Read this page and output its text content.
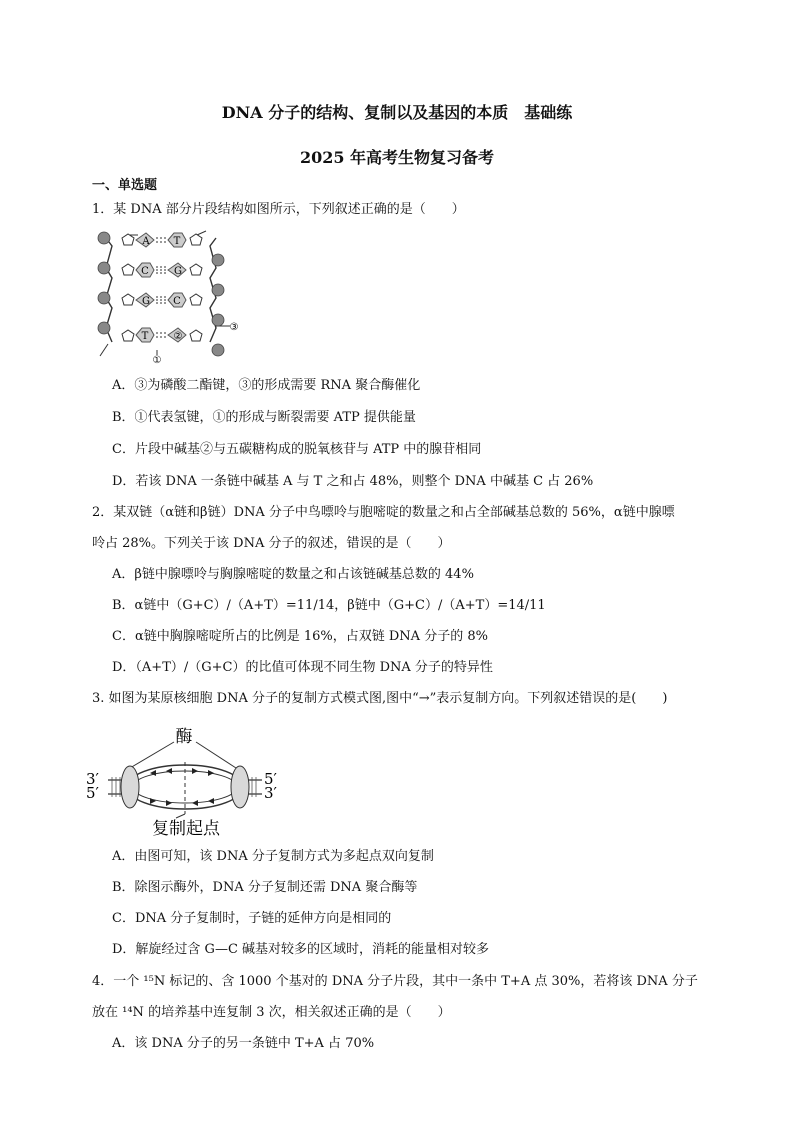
DNA 分子的结构、复制以及基因的本质　基础练
2025 年高考生物复习备考
一、单选题
1．某 DNA 部分片段结构如图所示，下列叙述正确的是（　　）
A T
C	G
G C
T	②
①
③
A．③为磷酸二酯键，③的形成需要 RNA 聚合酶催化
B．①代表氢键，①的形成与断裂需要 ATP 提供能量
C．片段中碱基②与五碳糖构成的脱氧核苷与 ATP 中的腺苷相同
D．若该 DNA 一条链中碱基 A 与 T 之和占 48%，则整个 DNA 中碱基 C 占 26%
2．某双链（α链和β链）DNA 分子中鸟嘌呤与胞嘧啶的数量之和占全部碱基总数的 56%，α链中腺嘌
呤占 28%。下列关于该 DNA 分子的叙述，错误的是（　　）
A．β链中腺嘌呤与胸腺嘧啶的数量之和占该链碱基总数的 44%
B．α链中（G+C）/（A+T）=11/14，β链中（G+C）/（A+T）=14/11
C．α链中胸腺嘧啶所占的比例是 16%，占双链 DNA 分子的 8%
D．（A+T）/（G+C）的比值可体现不同生物 DNA 分子的特异性
3. 如图为某原核细胞 DNA 分子的复制方式模式图,图中“→”表示复制方向。下列叙述错误的是(　　)
酶
3′
5′
5′
3′
复制起点
A．由图可知，该 DNA 分子复制方式为多起点双向复制
B．除图示酶外，DNA 分子复制还需 DNA 聚合酶等
C．DNA 分子复制时，子链的延伸方向是相同的
D．解旋经过含 G—C 碱基对较多的区域时，消耗的能量相对较多
4．一个 ¹⁵N 标记的、含 1000 个基对的 DNA 分子片段，其中一条中 T+A 点 30%，若将该 DNA 分子
放在 ¹⁴N 的培养基中连复制 3 次，相关叙述正确的是（　　）
A．该 DNA 分子的另一条链中 T+A 占 70%
